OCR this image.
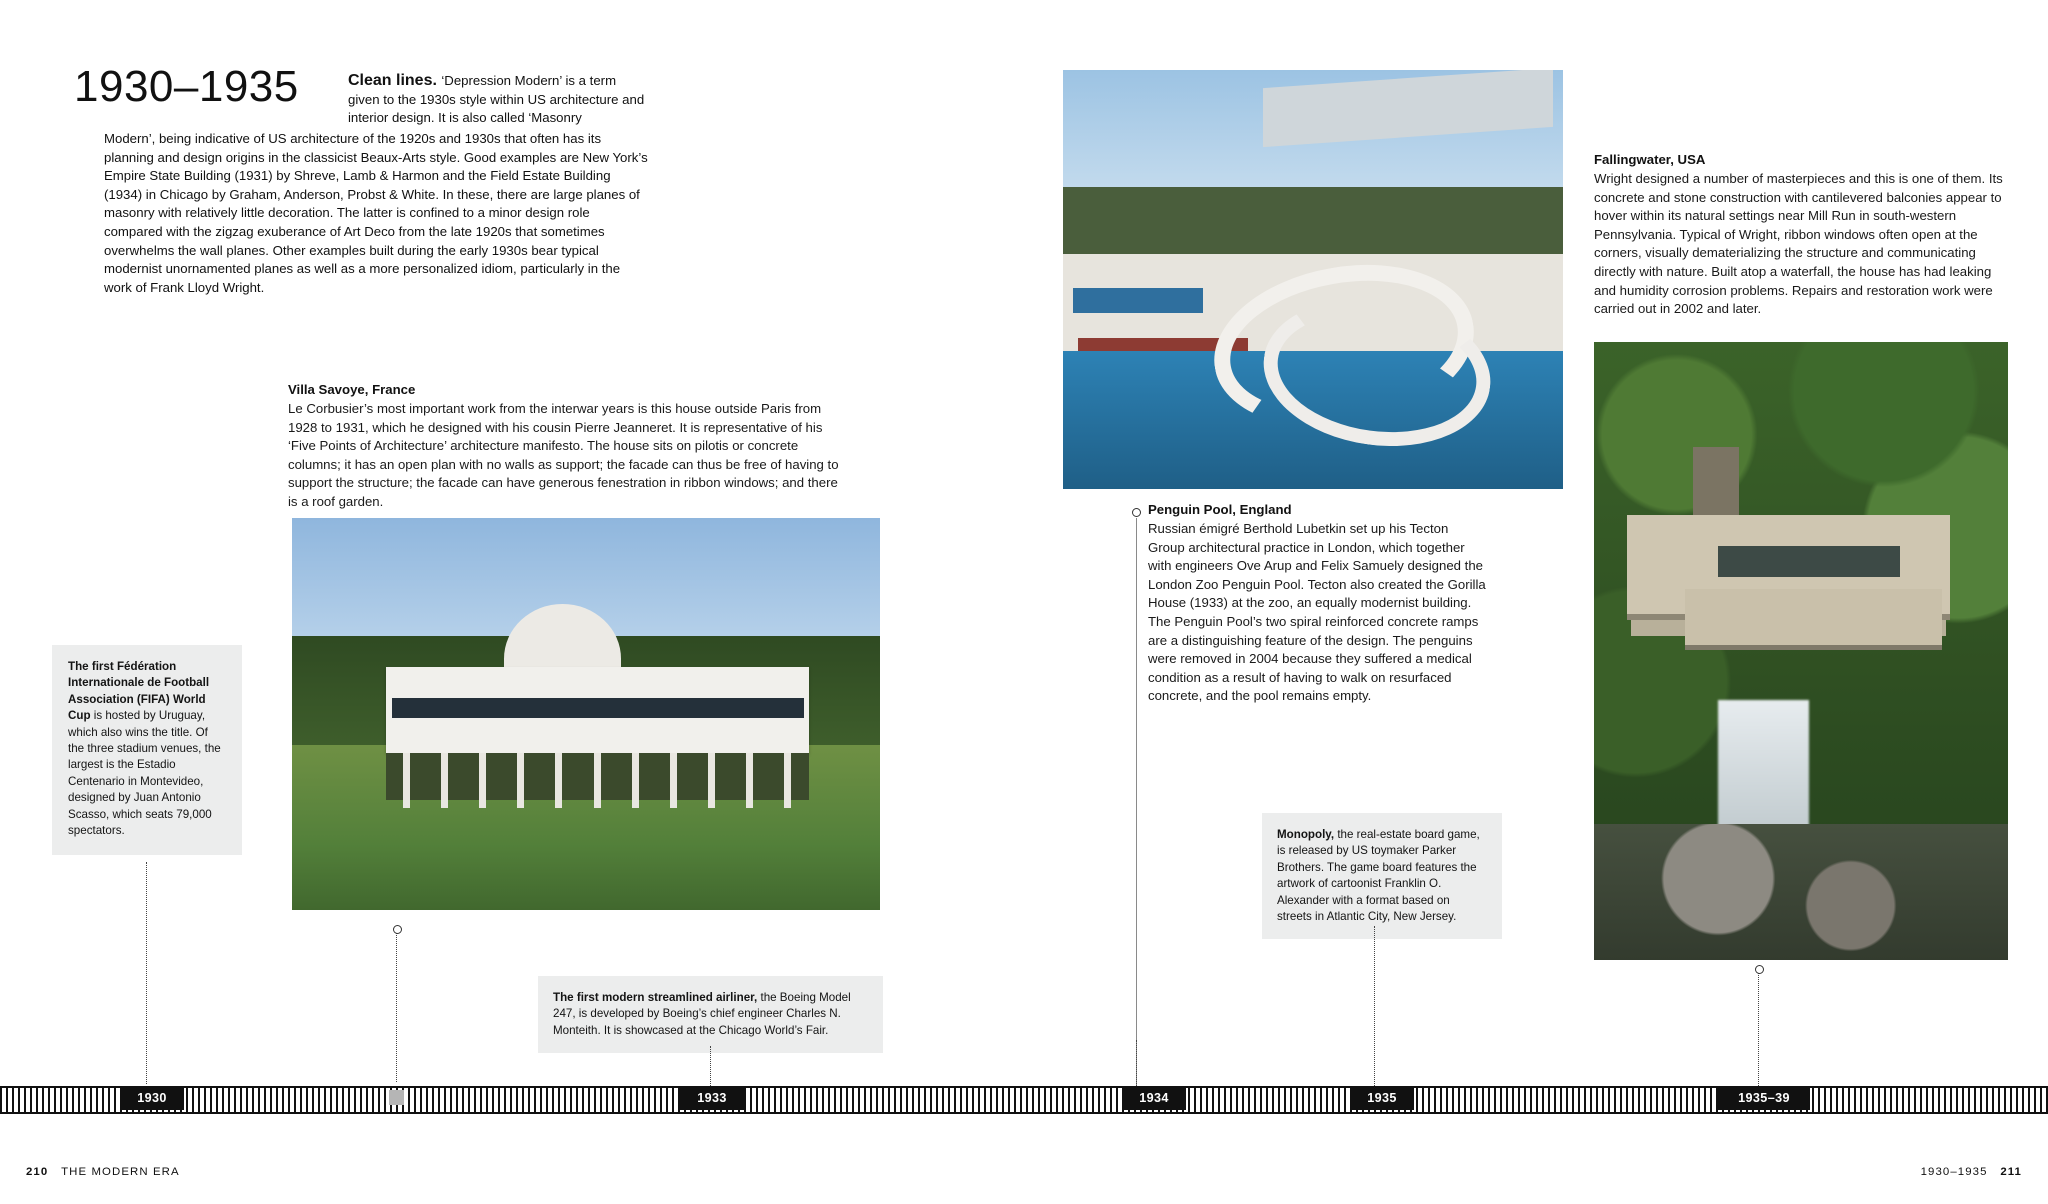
1930–1935	Clean lines. ‘Depression Modern’ is a term given to the 1930s style within US architecture and interior design. It is also called ‘Masonry
Modern’, being indicative of US architecture of the 1920s and 1930s that often has its planning and design origins in the classicist Beaux-Arts style. Good examples are New York’s Empire State Building (1931) by Shreve, Lamb & Harmon and the Field Estate Building (1934) in Chicago by Graham, Anderson, Probst & White. In these, there are large planes of masonry with relatively little decoration. The latter is confined to a minor design role compared with the zigzag exuberance of Art Deco from the late 1920s that sometimes overwhelms the wall planes. Other examples built during the early 1930s bear typical modernist unornamented planes as well as a more personalized idiom, particularly in the work of Frank Lloyd Wright.
Villa Savoye, France
Le Corbusier’s most important work from the interwar years is this house outside Paris from 1928 to 1931, which he designed with his cousin Pierre Jeanneret. It is representative of his ‘Five Points of Architecture’ architecture manifesto. The house sits on pilotis or concrete columns; it has an open plan with no walls as support; the facade can thus be free of having to support the structure; the facade can have generous fenestration in ribbon windows; and there is a roof garden.
The first Fédération Internationale de Football Association (FIFA) World Cup is hosted by Uruguay, which also wins the title. Of the three stadium venues, the largest is the Estadio Centenario in Montevideo, designed by Juan Antonio Scasso, which seats 79,000 spectators.
The first modern streamlined airliner, the Boeing Model 247, is developed by Boeing’s chief engineer Charles N. Monteith. It is showcased at the Chicago World’s Fair.
Monopoly, the real-estate board game, is released by US toymaker Parker Brothers. The game board features the artwork of cartoonist Franklin O. Alexander with a format based on streets in Atlantic City, New Jersey.
Penguin Pool, England
Russian émigré Berthold Lubetkin set up his Tecton Group architectural practice in London, which together with engineers Ove Arup and Felix Samuely designed the London Zoo Penguin Pool. Tecton also created the Gorilla House (1933) at the zoo, an equally modernist building. The Penguin Pool’s two spiral reinforced concrete ramps are a distinguishing feature of the design. The penguins were removed in 2004 because they suffered a medical condition as a result of having to walk on resurfaced concrete, and the pool remains empty.
Fallingwater, USA
Wright designed a number of masterpieces and this is one of them. Its concrete and stone construction with cantilevered balconies appear to hover within its natural settings near Mill Run in south-western Pennsylvania. Typical of Wright, ribbon windows often open at the corners, visually dematerializing the structure and communicating directly with nature. Built atop a waterfall, the house has had leaking and humidity corrosion problems. Repairs and restoration work were carried out in 2002 and later.
1930	1933	1934	1935	1935–39
210 THE MODERN ERA	1930–1935 211
